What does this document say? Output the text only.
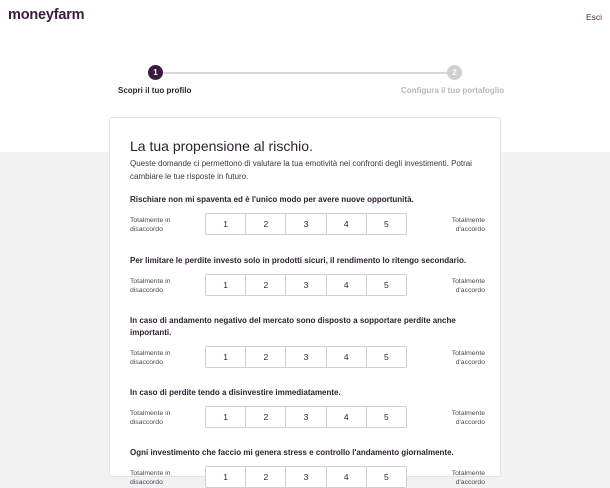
moneyfarm	Esci
1	2
Scopri il tuo profilo	Configura il tuo portafoglio
La tua propensione al rischio.
Queste domande ci permettono di valutare la tua emotività nei confronti degli investimenti. Potrai cambiare le tue risposte in futuro.
Rischiare non mi spaventa ed è l'unico modo per avere nuove opportunità.
Totalmente in
disaccordo
1	2	3	4	5	Totalmente
d'accordo
Per limitare le perdite investo solo in prodotti sicuri, il rendimento lo ritengo secondario.
Totalmente in
disaccordo
1	2	3	4	5	Totalmente
d'accordo
In caso di andamento negativo del mercato sono disposto a sopportare perdite anche importanti.
Totalmente in
disaccordo
1	2	3	4	5	Totalmente
d'accordo
In caso di perdite tendo a disinvestire immediatamente.
Totalmente in
disaccordo
1	2	3	4	5	Totalmente
d'accordo
Ogni investimento che faccio mi genera stress e controllo l'andamento giornalmente.
Totalmente in
disaccordo
1	2	3	4	5	Totalmente
d'accordo
